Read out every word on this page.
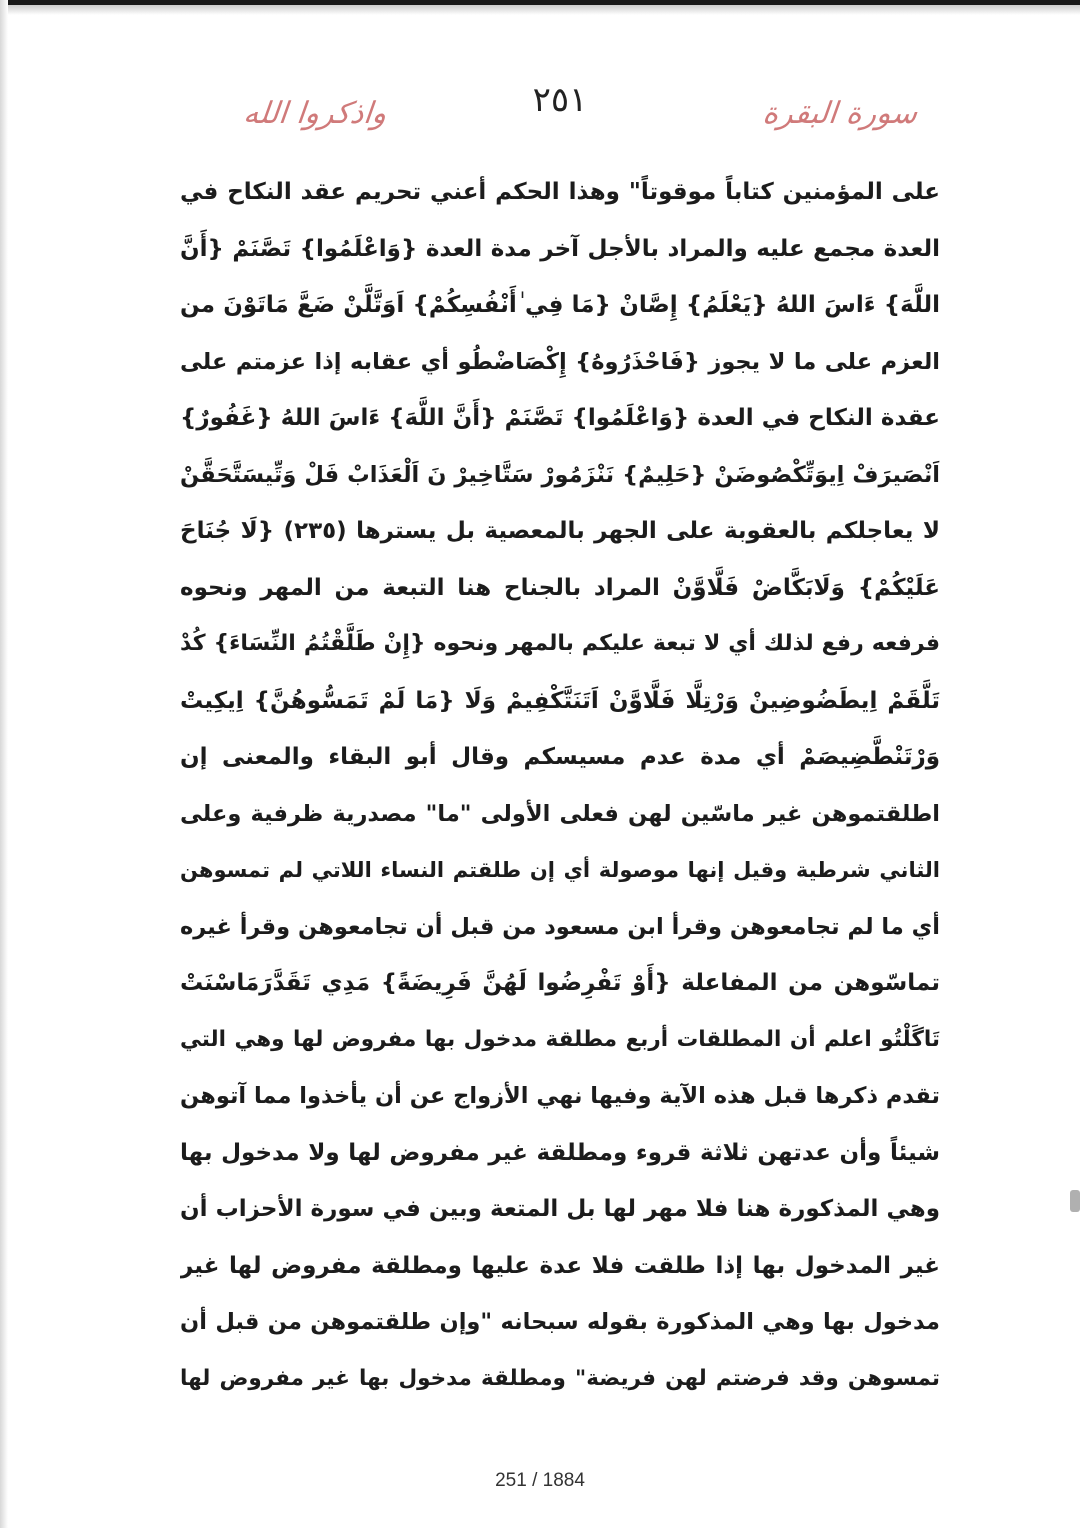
واذكروا الله	٢٥١	سورة البقرة
على المؤمنين كتاباً موقوتاً" وهذا الحكم أعني تحريم عقد النكاح في
العدة مجمع عليه والمراد بالأجل آخر مدة العدة {وَاعْلَمُوا} تَصَّنَمْ {أَنَّ
اللَّهَ} ءَاسَ اللهُ {يَعْلَمُ} إِصَّانْ {مَا فِي ٰأَنْفُسِكُمْ} اَوَتَّلَّنْ ضَعَّ مَاتَوْنَ من
العزم على ما لا يجوز {فَاحْذَرُوهُ} إِكْصَاضْطُو أي عقابه إذا عزمتم على
عقدة النكاح في العدة {وَاعْلَمُوا} تَصَّنَمْ {أَنَّ اللَّهَ} ءَاسَ اللهُ {غَفُورٌ}
اَنْصَيرَفْ اِيوَتِّكْصُوضَنْ {حَلِيمٌ} نَنْزَمُورْ سَتَّاخِيرْ نَ اَلْعَذَابْ فَلْ وَتِّيسَتَّحَقَّنْ
لا يعاجلكم بالعقوبة على الجهر بالمعصية بل يسترها (٢٣٥) {لَا جُنَاحَ
عَلَيْكُمْ} وَلَابَكَّاضْ فَلَّاوَّنْ المراد بالجناح هنا التبعة من المهر ونحوه
فرفعه رفع لذلك أي لا تبعة عليكم بالمهر ونحوه {إِنْ طَلَّقْتُمُ النِّسَاءَ} كُدْ
تَلَّقَمْ اِيطَضُوضِينْ وَرْتِلَّا فَلَّاوَّنْ اَتَنَتَّكْفِيمْ وَلَا {مَا لَمْ تَمَسُّوهُنَّ} اِيكِيتْ
وَرْتَنْطَّضِيصَمْ أي مدة عدم مسيسكم وقال أبو البقاء والمعنى إن
اطلقتموهن غير ماسّين لهن فعلى الأولى "ما" مصدرية ظرفية وعلى
الثاني شرطية وقيل إنها موصولة أي إن طلقتم النساء اللاتي لم تمسوهن
أي ما لم تجامعوهن وقرأ ابن مسعود من قبل أن تجامعوهن وقرأ غيره
تماسّوهن من المفاعلة {أَوْ تَفْرِضُوا لَهُنَّ فَرِيضَةً} مَدِي تَقَدَّرَمَاسْنَتْ
تَاگَلْتُو اعلم أن المطلقات أربع مطلقة مدخول بها مفروض لها وهي التي
تقدم ذكرها قبل هذه الآية وفيها نهي الأزواج عن أن يأخذوا مما آتوهن
شيئاً وأن عدتهن ثلاثة قروء ومطلقة غير مفروض لها ولا مدخول بها
وهي المذكورة هنا فلا مهر لها بل المتعة وبين في سورة الأحزاب أن
غير المدخول بها إذا طلقت فلا عدة عليها ومطلقة مفروض لها غير
مدخول بها وهي المذكورة بقوله سبحانه "وإن طلقتموهن من قبل أن
تمسوهن وقد فرضتم لهن فريضة" ومطلقة مدخول بها غير مفروض لها
251 / 1884
